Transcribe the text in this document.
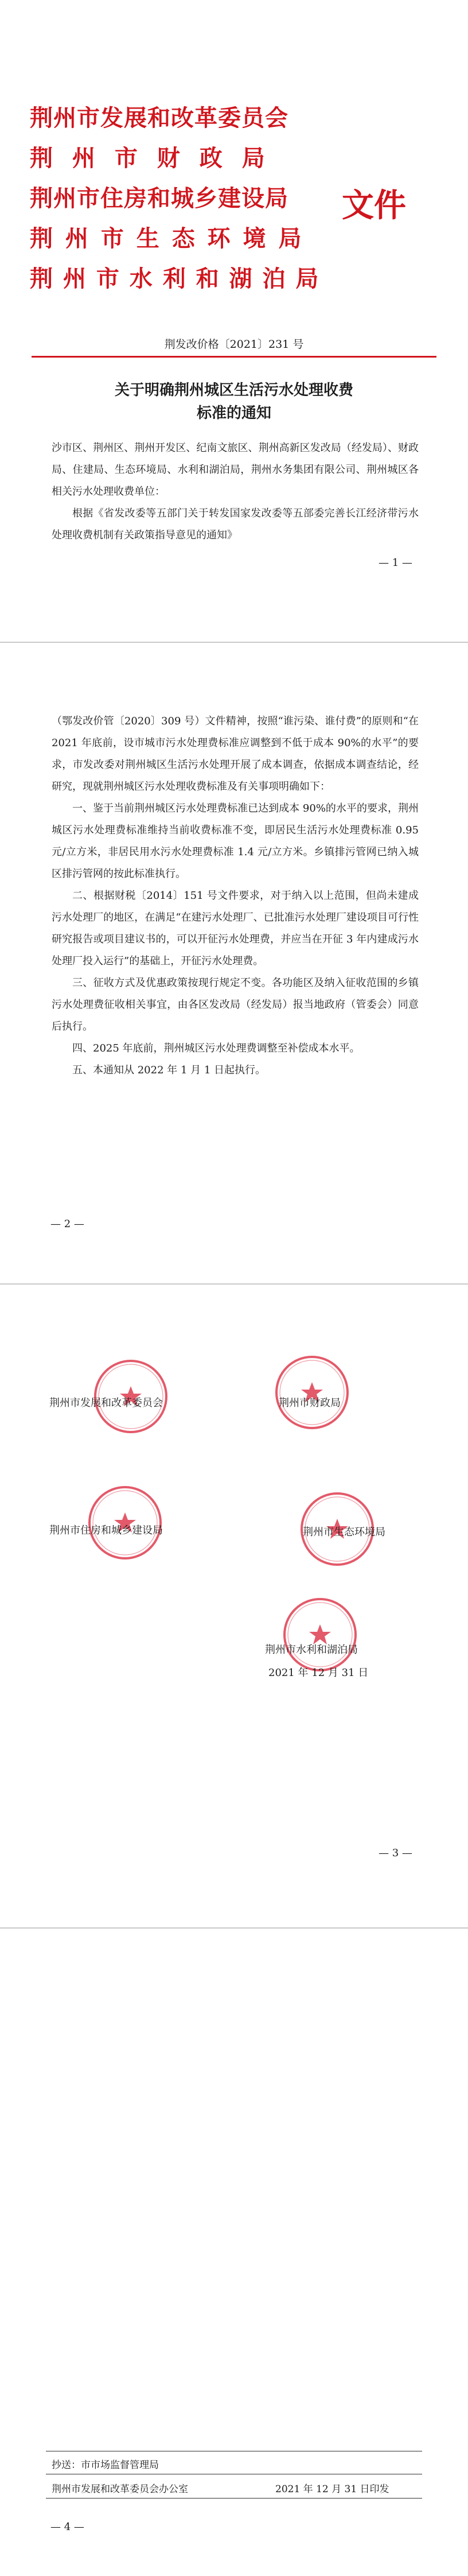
荆州市发展和改革委员会
荆 州 市 财 政 局
荆州市住房和城乡建设局
荆 州 市 生 态 环 境 局
荆 州 市 水 利 和 湖 泊 局
文件
荆发改价格〔2021〕231 号
关于明确荆州城区生活污水处理收费
标准的通知

沙市区、荆州区、荆州开发区、纪南文旅区、荆州高新区发改局（经发局）、财政局、住建局、生态环境局、水利和湖泊局，荆州水务集团有限公司、荆州城区各相关污水处理收费单位：

根据《省发改委等五部门关于转发国家发改委等五部委完善长江经济带污水处理收费机制有关政策指导意见的通知》

— 1 —

（鄂发改价管〔2020〕309 号）文件精神，按照“谁污染、谁付费”的原则和“在 2021 年底前，设市城市污水处理费标准应调整到不低于成本 90%的水平”的要求，市发改委对荆州城区生活污水处理开展了成本调查，依据成本调查结论，经研究，现就荆州城区污水处理收费标准及有关事项明确如下：

一、鉴于当前荆州城区污水处理费标准已达到成本 90%的水平的要求，荆州城区污水处理费标准维持当前收费标准不变，即居民生活污水处理费标准 0.95 元/立方米，非居民用水污水处理费标准 1.4 元/立方米。乡镇排污管网已纳入城区排污管网的按此标准执行。

二、根据财税〔2014〕151 号文件要求，对于纳入以上范围，但尚未建成污水处理厂的地区，在满足“在建污水处理厂、已批准污水处理厂建设项目可行性研究报告或项目建议书的，可以开征污水处理费，并应当在开征 3 年内建成污水处理厂投入运行”的基础上，开征污水处理费。

三、征收方式及优惠政策按现行规定不变。各功能区及纳入征收范围的乡镇污水处理费征收相关事宜，由各区发改局（经发局）报当地政府（管委会）同意后执行。

四、2025 年底前，荆州城区污水处理费调整至补偿成本水平。

五、本通知从 2022 年 1 月 1 日起执行。

— 2 —
荆州市发展和改革委员会	荆州市财政局
荆州市住房和城乡建设局	荆州市生态环境局
荆州市水利和湖泊局
2021 年 12 月 31 日
— 3 —
抄送：市市场监督管理局
荆州市发展和改革委员会办公室	2021 年 12 月 31 日印发
— 4 —
